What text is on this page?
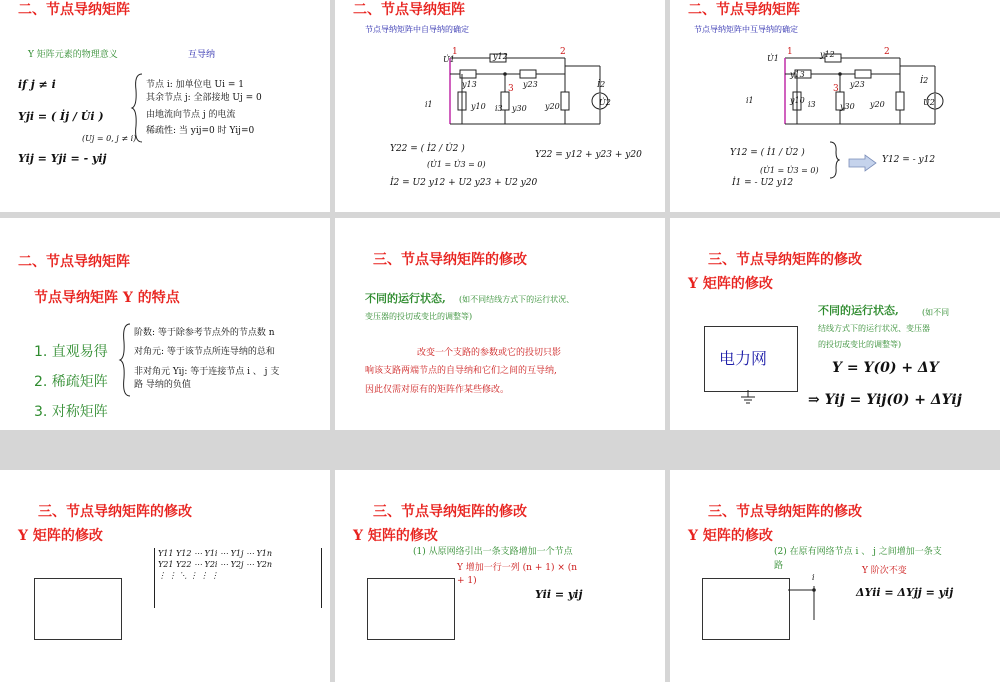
二、节点导纳矩阵
Y 矩阵元素的物理意义	互导纳
if j ≠ i
Yji = ( İj / U̇i )
(Uj = 0, j ≠ i)
Yij = Yji = - yij
节点 i: 加单位电 Ui = 1
其余节点 j: 全部接地 Uj = 0
由地流向节点 j 的电流
稀疏性: 当 yij=0 时 Yij=0
二、节点导纳矩阵
节点导纳矩阵中自导纳的确定
1	2
3
y12
y13	y23
y10	y30 y20
i1	i3
İ2
U̇1
U̇2
Y22 = ( İ2 / U̇2 )
(U̇1 = U̇3 = 0)
Y22 = y12 + y23 + y20
İ2 = U2 y12 + U2 y23 + U2 y20
二、节点导纳矩阵
节点导纳矩阵中互导纳的确定
1	2
3
y12
y13
y23
y10
y30 y20
i1	i3
İ2
U̇1
U̇2
Y12 = ( İ1 / U̇2 )
(U̇1 = U̇3 = 0)
Y12 = - y12
İ1 = - U2 y12
二、节点导纳矩阵
节点导纳矩阵 Y 的特点
1. 直观易得
2. 稀疏矩阵
3. 对称矩阵
阶数: 等于除参考节点外的节点数 n
对角元: 等于该节点所连导纳的总和
非对角元 Yij: 等于连接节点 i 、 j 支
路 导纳的负值
三、节点导纳矩阵的修改
不同的运行状态, (如不同结线方式下的运行状况、
变压器的投切或变比的调整等)
改变一个支路的参数或它的投切只影
响该支路两端节点的自导纳和它们之间的互导纳,
因此仅需对原有的矩阵作某些修改。
三、节点导纳矩阵的修改
Y 矩阵的修改
不同的运行状态,	(如不同
结线方式下的运行状况、变压器
的投切或变比的调整等)
电力网	Y = Y(0) + ΔY
⇒ Yij = Yij(0) + ΔYij
三、节点导纳矩阵的修改
Y 矩阵的修改
Y11 Y12 ⋯ Y1i ⋯ Y1j ⋯ Y1n
Y21 Y22 ⋯ Y2i ⋯ Y2j ⋯ Y2n
⋮ ⋮ ⋱ ⋮ ⋮ ⋮
三、节点导纳矩阵的修改
Y 矩阵的修改
(1) 从原网络引出一条支路增加一个节点
Y 增加一行一列 (n + 1) × (n
+ 1)
Yii = yij
三、节点导纳矩阵的修改
Y 矩阵的修改
(2) 在原有网络节点 i 、 j 之间增加一条支
路	Y 阶次不变
i
ΔYii = ΔYjj = yij
